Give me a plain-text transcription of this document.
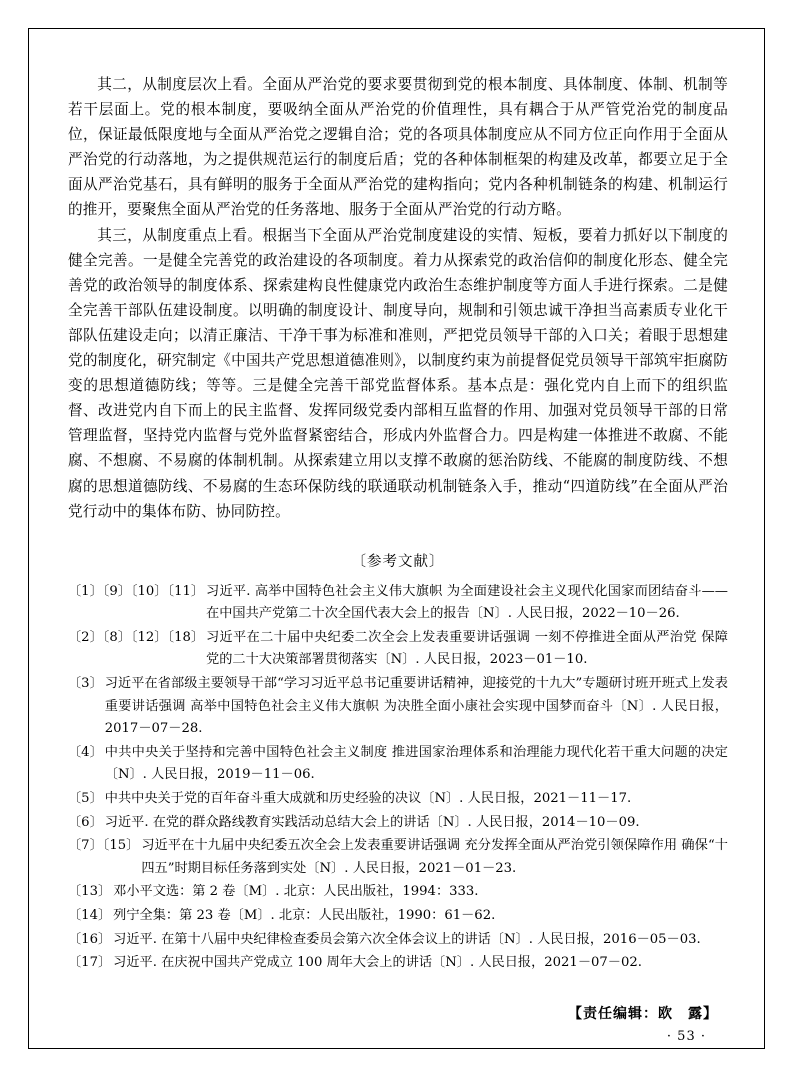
其二，从制度层次上看。全面从严治党的要求要贯彻到党的根本制度、具体制度、体制、机制等若干层面上。党的根本制度，要吸纳全面从严治党的价值理性，具有耦合于从严管党治党的制度品位，保证最低限度地与全面从严治党之逻辑自洽；党的各项具体制度应从不同方位正向作用于全面从严治党的行动落地，为之提供规范运行的制度后盾；党的各种体制框架的构建及改革，都要立足于全面从严治党基石，具有鲜明的服务于全面从严治党的建构指向；党内各种机制链条的构建、机制运行的推开，要聚焦全面从严治党的任务落地、服务于全面从严治党的行动方略。

其三，从制度重点上看。根据当下全面从严治党制度建设的实情、短板，要着力抓好以下制度的健全完善。一是健全完善党的政治建设的各项制度。着力从探索党的政治信仰的制度化形态、健全完善党的政治领导的制度体系、探索建构良性健康党内政治生态维护制度等方面人手进行探索。二是健全完善干部队伍建设制度。以明确的制度设计、制度导向，规制和引领忠诚干净担当高素质专业化干部队伍建设走向；以清正廉洁、干净干事为标准和准则，严把党员领导干部的入口关；着眼于思想建党的制度化，研究制定《中国共产党思想道德准则》，以制度约束为前提督促党员领导干部筑牢拒腐防变的思想道德防线；等等。三是健全完善干部党监督体系。基本点是：强化党内自上而下的组织监督、改进党内自下而上的民主监督、发挥同级党委内部相互监督的作用、加强对党员领导干部的日常管理监督，坚持党内监督与党外监督紧密结合，形成内外监督合力。四是构建一体推进不敢腐、不能腐、不想腐、不易腐的体制机制。从探索建立用以支撑不敢腐的惩治防线、不能腐的制度防线、不想腐的思想道德防线、不易腐的生态环保防线的联通联动机制链条入手，推动“四道防线”在全面从严治党行动中的集体布防、协同防控。

〔参考文献〕
〔1〕〔9〕〔10〕〔11〕 习近平. 高举中国特色社会主义伟大旗帜 为全面建设社会主义现代化国家而团结奋斗——在中国共产党第二十次全国代表大会上的报告〔N〕. 人民日报，2022－10－26.
〔2〕〔8〕〔12〕〔18〕 习近平在二十届中央纪委二次全会上发表重要讲话强调 一刻不停推进全面从严治党 保障党的二十大决策部署贯彻落实〔N〕. 人民日报，2023－01－10.
〔3〕 习近平在省部级主要领导干部“学习习近平总书记重要讲话精神，迎接党的十九大”专题研讨班开班式上发表重要讲话强调 高举中国特色社会主义伟大旗帜 为决胜全面小康社会实现中国梦而奋斗〔N〕. 人民日报，2017－07－28.
〔4〕 中共中央关于坚持和完善中国特色社会主义制度 推进国家治理体系和治理能力现代化若干重大问题的决定〔N〕. 人民日报，2019－11－06.
〔5〕 中共中央关于党的百年奋斗重大成就和历史经验的决议〔N〕. 人民日报，2021－11－17.
〔6〕 习近平. 在党的群众路线教育实践活动总结大会上的讲话〔N〕. 人民日报，2014－10－09.
〔7〕〔15〕 习近平在十九届中央纪委五次全会上发表重要讲话强调 充分发挥全面从严治党引领保障作用 确保“十四五”时期目标任务落到实处〔N〕. 人民日报，2021－01－23.
〔13〕 邓小平文选：第 2 卷〔M〕. 北京：人民出版社，1994：333.
〔14〕 列宁全集：第 23 卷〔M〕. 北京：人民出版社，1990：61－62.
〔16〕 习近平. 在第十八届中央纪律检查委员会第六次全体会议上的讲话〔N〕. 人民日报，2016－05－03.
〔17〕 习近平. 在庆祝中国共产党成立 100 周年大会上的讲话〔N〕. 人民日报，2021－07－02.
【责任编辑：欧　露】
· 53 ·
